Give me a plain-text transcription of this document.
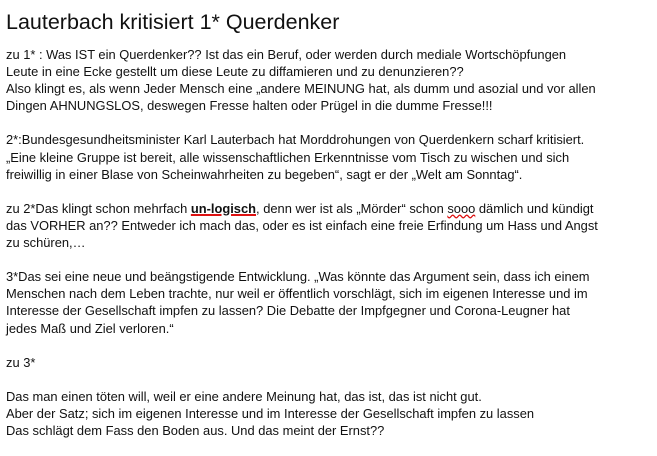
Lauterbach kritisiert 1* Querdenker
zu 1* : Was IST ein Querdenker?? Ist das ein Beruf, oder werden durch mediale Wortschöpfungen
Leute in eine Ecke gestellt um diese Leute zu diffamieren und zu denunzieren??
Also klingt es, als wenn Jeder Mensch eine „andere MEINUNG hat, als dumm und asozial und vor allen
Dingen AHNUNGSLOS, deswegen Fresse halten oder Prügel in die dumme Fresse!!!
2*:Bundesgesundheitsminister Karl Lauterbach hat Morddrohungen von Querdenkern scharf kritisiert.
„Eine kleine Gruppe ist bereit, alle wissenschaftlichen Erkenntnisse vom Tisch zu wischen und sich
freiwillig in einer Blase von Scheinwahrheiten zu begeben“, sagt er der „Welt am Sonntag“.
zu 2*Das klingt schon mehrfach un-logisch, denn wer ist als „Mörder“ schon sooo dämlich und kündigt
das VORHER an?? Entweder ich mach das, oder es ist einfach eine freie Erfindung um Hass und Angst
zu schüren,…
3*Das sei eine neue und beängstigende Entwicklung. „Was könnte das Argument sein, dass ich einem
Menschen nach dem Leben trachte, nur weil er öffentlich vorschlägt, sich im eigenen Interesse und im
Interesse der Gesellschaft impfen zu lassen? Die Debatte der Impfgegner und Corona-Leugner hat
jedes Maß und Ziel verloren.“
zu 3*
Das man einen töten will, weil er eine andere Meinung hat, das ist, das ist nicht gut.
Aber der Satz; sich im eigenen Interesse und im Interesse der Gesellschaft impfen zu lassen
Das schlägt dem Fass den Boden aus. Und das meint der Ernst??
